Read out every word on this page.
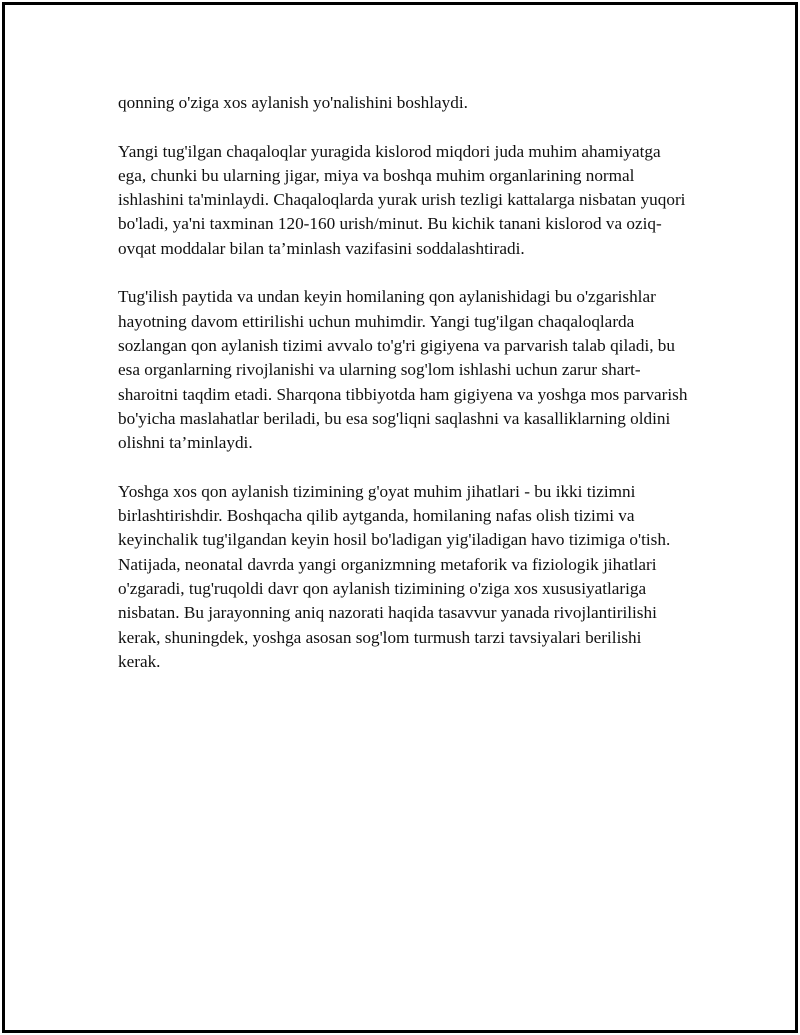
qonning o'ziga xos aylanish yo'nalishini boshlaydi.

Yangi tug'ilgan chaqaloqlar yuragida kislorod miqdori juda muhim ahamiyatga ega, chunki bu ularning jigar, miya va boshqa muhim organlarining normal ishlashini ta'minlaydi. Chaqaloqlarda yurak urish tezligi kattalarga nisbatan yuqori bo'ladi, ya'ni taxminan 120-160 urish/minut. Bu kichik tanani kislorod va oziq-ovqat moddalar bilan ta’minlash vazifasini soddalashtiradi.

Tug'ilish paytida va undan keyin homilaning qon aylanishidagi bu o'zgarishlar hayotning davom ettirilishi uchun muhimdir. Yangi tug'ilgan chaqaloqlarda sozlangan qon aylanish tizimi avvalo to'g'ri gigiyena va parvarish talab qiladi, bu esa organlarning rivojlanishi va ularning sog'lom ishlashi uchun zarur shart-sharoitni taqdim etadi. Sharqona tibbiyotda ham gigiyena va yoshga mos parvarish bo'yicha maslahatlar beriladi, bu esa sog'liqni saqlashni va kasalliklarning oldini olishni ta’minlaydi.

Yoshga xos qon aylanish tizimining g'oyat muhim jihatlari - bu ikki tizimni birlashtirishdir. Boshqacha qilib aytganda, homilaning nafas olish tizimi va keyinchalik tug'ilgandan keyin hosil bo'ladigan yig'iladigan havo tizimiga o'tish. Natijada, neonatal davrda yangi organizmning metaforik va fiziologik jihatlari o'zgaradi, tug'ruqoldi davr qon aylanish tizimining o'ziga xos xususiyatlariga nisbatan. Bu jarayonning aniq nazorati haqida tasavvur yanada rivojlantirilishi kerak, shuningdek, yoshga asosan sog'lom turmush tarzi tavsiyalari berilishi kerak.
